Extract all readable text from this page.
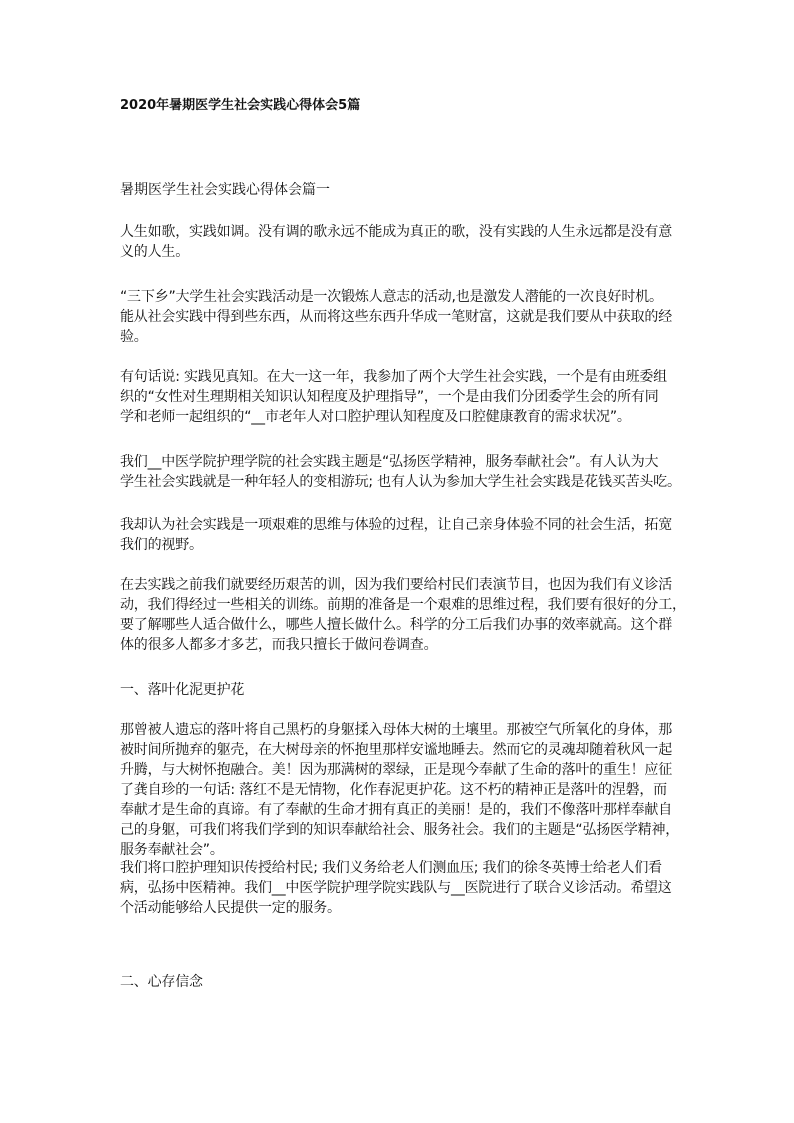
2020年暑期医学生社会实践心得体会5篇
暑期医学生社会实践心得体会篇一
人生如歌，实践如调。没有调的歌永远不能成为真正的歌，没有实践的人生永远都是没有意
义的人生。
“三下乡”大学生社会实践活动是一次锻炼人意志的活动,也是激发人潜能的一次良好时机。
能从社会实践中得到些东西，从而将这些东西升华成一笔财富，这就是我们要从中获取的经
验。
有句话说: 实践见真知。在大一这一年，我参加了两个大学生社会实践，一个是有由班委组
织的“女性对生理期相关知识认知程度及护理指导”，一个是由我们分团委学生会的所有同
学和老师一起组织的“__市老年人对口腔护理认知程度及口腔健康教育的需求状况”。
我们__中医学院护理学院的社会实践主题是“弘扬医学精神，服务奉献社会”。有人认为大
学生社会实践就是一种年轻人的变相游玩; 也有人认为参加大学生社会实践是花钱买苦头吃。
我却认为社会实践是一项艰难的思维与体验的过程，让自己亲身体验不同的社会生活，拓宽
我们的视野。
在去实践之前我们就要经历艰苦的训，因为我们要给村民们表演节目，也因为我们有义诊活
动，我们得经过一些相关的训练。前期的准备是一个艰难的思维过程，我们要有很好的分工，
要了解哪些人适合做什么，哪些人擅长做什么。科学的分工后我们办事的效率就高。这个群
体的很多人都多才多艺，而我只擅长于做问卷调查。
一、落叶化泥更护花
那曾被人遗忘的落叶将自己黑朽的身躯揉入母体大树的土壤里。那被空气所氧化的身体，那
被时间所抛弃的躯壳，在大树母亲的怀抱里那样安谧地睡去。然而它的灵魂却随着秋风一起
升腾，与大树怀抱融合。美！因为那满树的翠绿，正是现今奉献了生命的落叶的重生！应征
了龚自珍的一句话: 落红不是无情物，化作春泥更护花。这不朽的精神正是落叶的涅磐，而
奉献才是生命的真谛。有了奉献的生命才拥有真正的美丽！是的，我们不像落叶那样奉献自
己的身躯，可我们将我们学到的知识奉献给社会、服务社会。我们的主题是“弘扬医学精神，
服务奉献社会”。
我们将口腔护理知识传授给村民; 我们义务给老人们测血压; 我们的徐冬英博士给老人们看
病，弘扬中医精神。我们__中医学院护理学院实践队与__医院进行了联合义诊活动。希望这
个活动能够给人民提供一定的服务。
二、心存信念
